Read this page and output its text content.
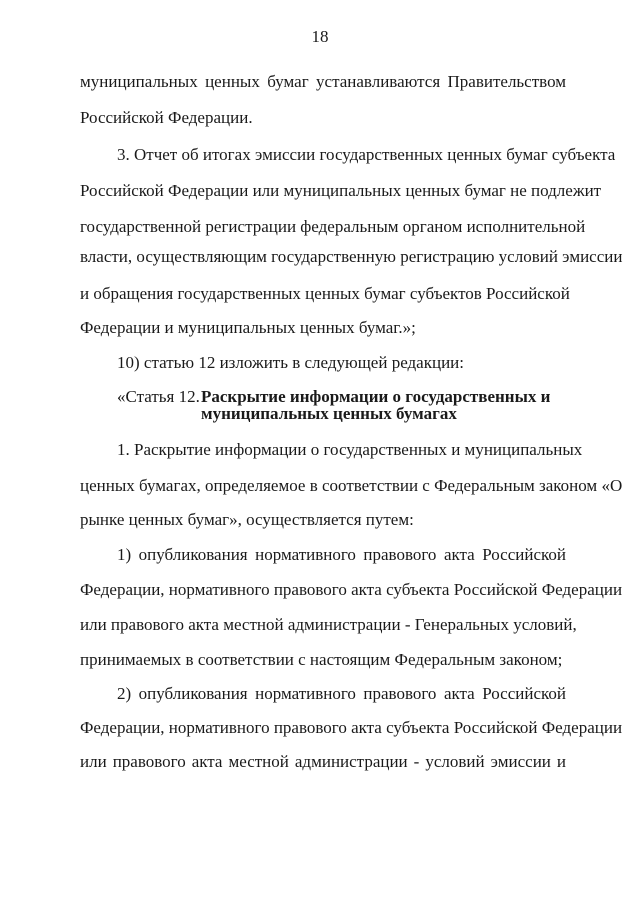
18
муниципальных ценных бумаг устанавливаются Правительством
Российской Федерации.
3. Отчет об итогах эмиссии государственных ценных бумаг субъекта
Российской Федерации или муниципальных ценных бумаг не подлежит
государственной регистрации федеральным органом исполнительной
власти, осуществляющим государственную регистрацию условий эмиссии
и обращения государственных ценных бумаг субъектов Российской
Федерации и муниципальных ценных бумаг.»;
10) статью 12 изложить в следующей редакции:
«Статья 12. Раскрытие информации о государственных и
муниципальных ценных бумагах
1. Раскрытие информации о государственных и муниципальных
ценных бумагах, определяемое в соответствии с Федеральным законом «О
рынке ценных бумаг», осуществляется путем:
1) опубликования нормативного правового акта Российской
Федерации, нормативного правового акта субъекта Российской Федерации
или правового акта местной администрации - Генеральных условий,
принимаемых в соответствии с настоящим Федеральным законом;
2) опубликования нормативного правового акта Российской
Федерации, нормативного правового акта субъекта Российской Федерации
или правового акта местной администрации - условий эмиссии и
